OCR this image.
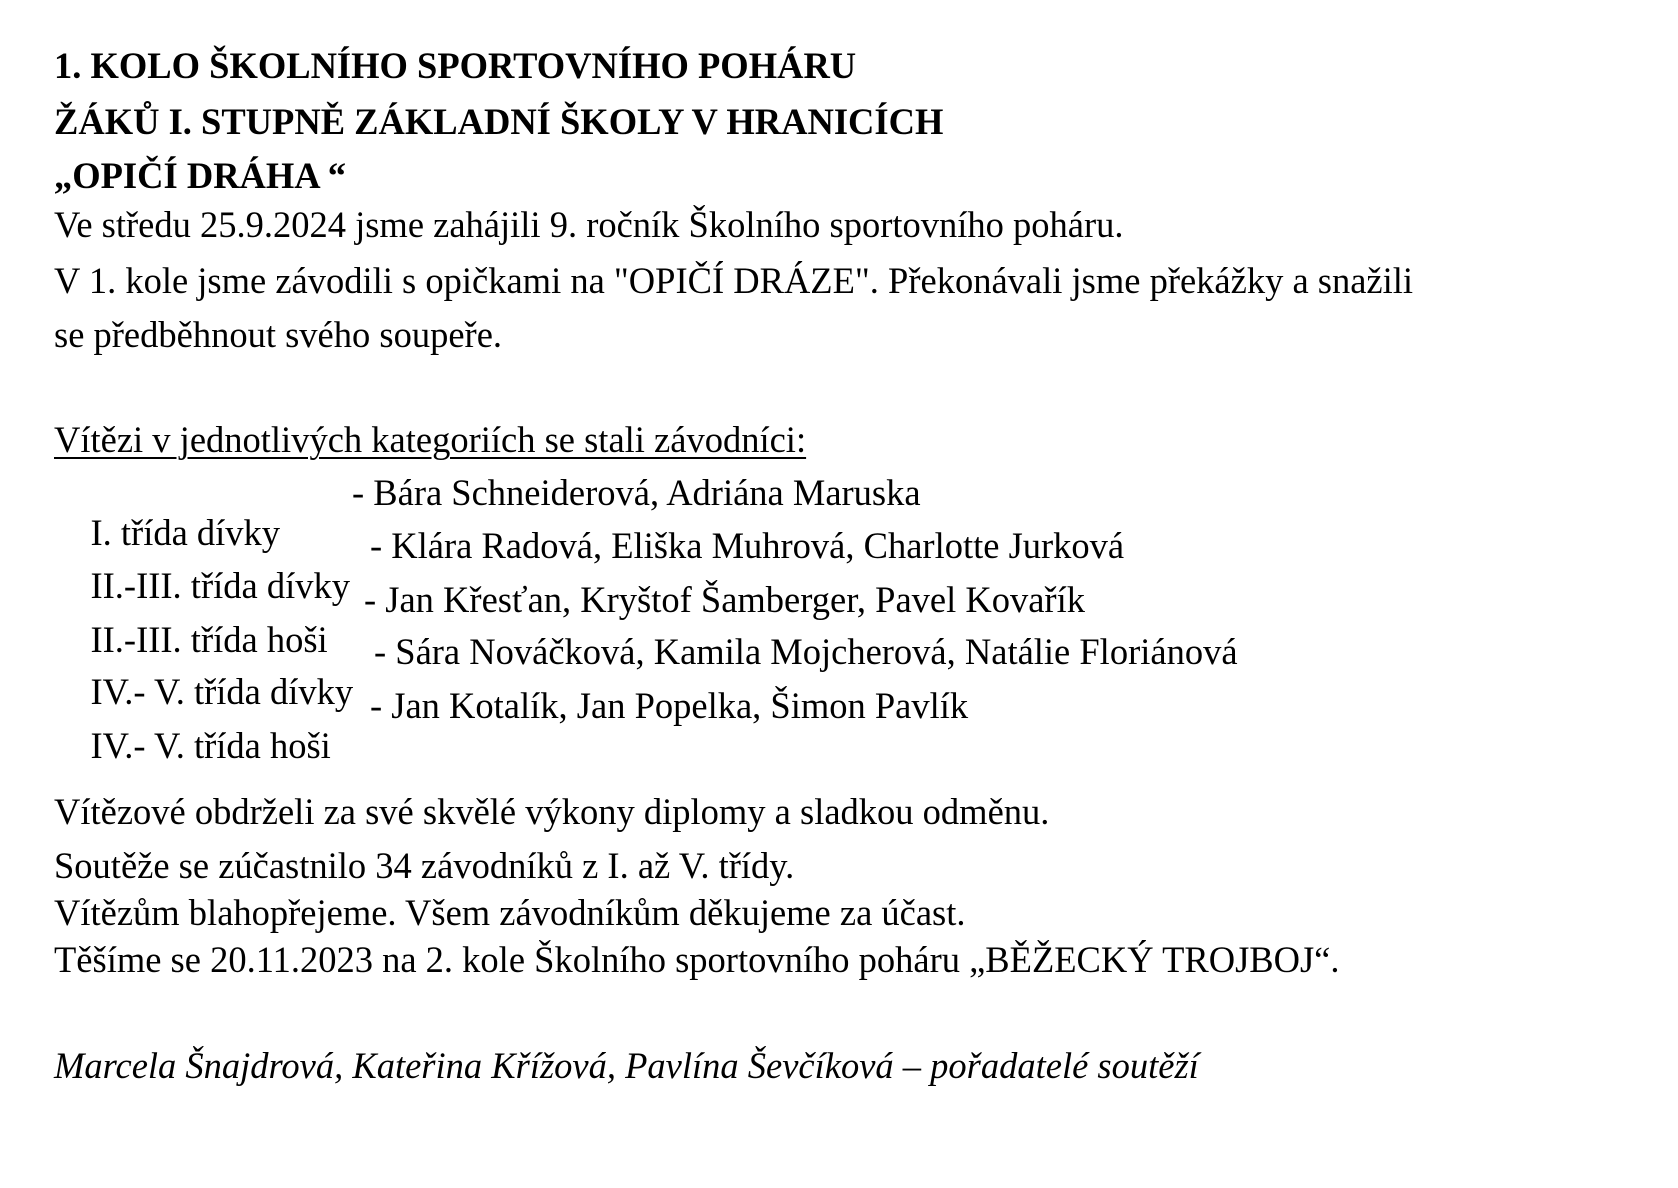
1. KOLO ŠKOLNÍHO SPORTOVNÍHO POHÁRU
ŽÁKŮ I. STUPNĚ ZÁKLADNÍ ŠKOLY V HRANICÍCH
„OPIČÍ DRÁHA “
Ve středu 25.9.2024 jsme zahájili 9. ročník Školního sportovního poháru.
V 1. kole jsme závodili s opičkami na "OPIČÍ DRÁZE". Překonávali jsme překážky a snažili
se předběhnout svého soupeře.
Vítězi v jednotlivých kategoriích se stali závodníci:

I. třída dívky

- Bára Schneiderová, Adriána Maruska

II.-III. třída dívky

- Klára Radová, Eliška Muhrová, Charlotte Jurková

II.-III. třída hoši

- Jan Křesťan, Kryštof Šamberger, Pavel Kovařík

IV.- V. třída dívky

- Sára Nováčková, Kamila Mojcherová, Natálie Floriánová

IV.- V. třída hoši

- Jan Kotalík, Jan Popelka, Šimon Pavlík

Vítězové obdrželi za své skvělé výkony diplomy a sladkou odměnu.
Soutěže se zúčastnilo 34 závodníků z I. až V. třídy.
Vítězům blahopřejeme. Všem závodníkům děkujeme za účast.
Těšíme se 20.11.2023 na 2. kole Školního sportovního poháru „BĚŽECKÝ TROJBOJ“.
Marcela Šnajdrová, Kateřina Křížová, Pavlína Ševčíková – pořadatelé soutěží
